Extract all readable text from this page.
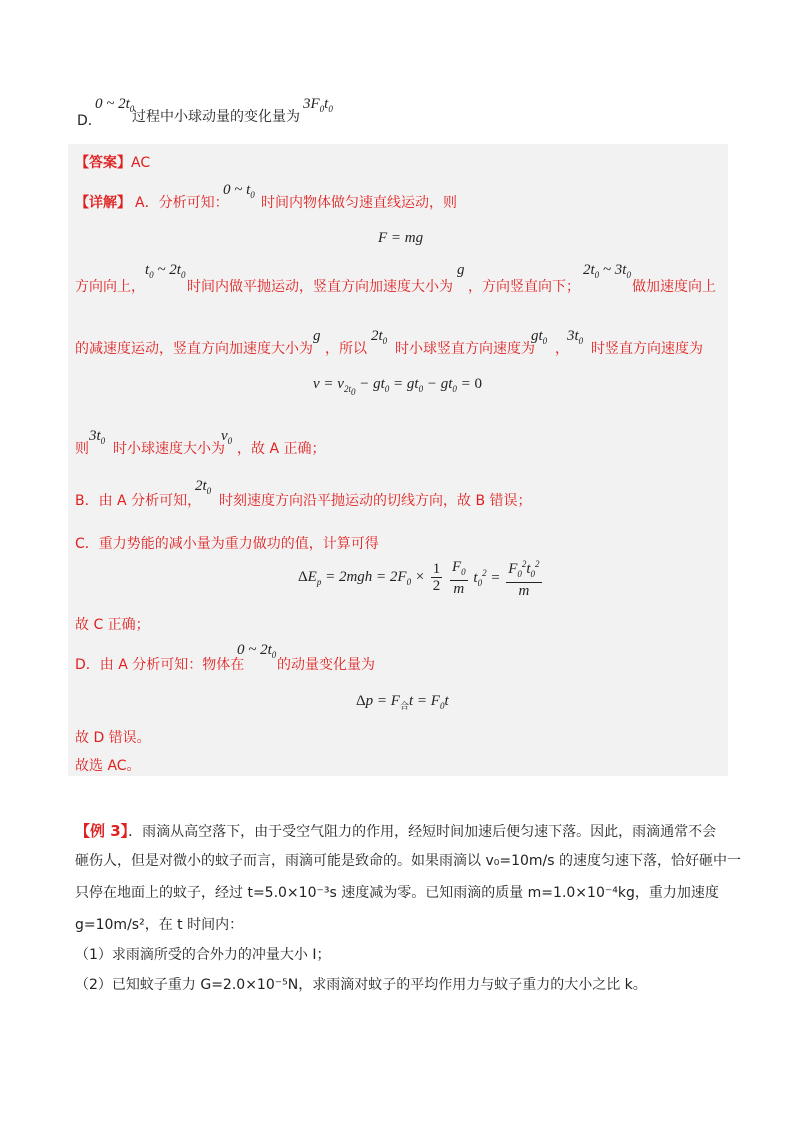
D．
0 ~ $2t_0$
过程中小球动量的变化量为
$3F_0t_0$
【答案】AC
【详解】 A．分析可知：
0 ~ $t_0$ 时间内物体做匀速直线运动，则
F = mg
方向向上，
$t_0$ ~ $2t_0$
时间内做平抛运动，竖直方向加速度大小为
g
，方向竖直向下；
$2t_0$ ~ $3t_0$
做加速度向上
的减速度运动，竖直方向加速度大小为
g
，所以
$2t_0$ 时小球竖直方向速度为
$gt_0$ ，
$3t_0$ 时竖直方向速度为
$v = v_{2t_0} - gt_0 = gt_0 - gt_0 = 0$
则
$3t_0$ 时小球速度大小为
$v_0$ ，故 A 正确；
B．由 A 分析可知，
$2t_0$
时刻速度方向沿平抛运动的切线方向，故 B 错误；
C．重力势能的减小量为重力做功的值，计算可得
$\Delta E_p = 2mgh = 2F_0 \times \frac{1}{2}$
$\frac{F_0}{m} t_0^2 = \frac{F_0^2t_0^2}{m}$
故 C 正确；
D．由 A 分析可知：物体在
0 ~ $2t_0$
的动量变化量为
$\Delta p = F_合t = F_0t$
故 D 错误。
故选 AC。
【例 3】．雨滴从高空落下，由于受空气阻力的作用，经短时间加速后便匀速下落。因此，雨滴通常不会
砸伤人，但是对微小的蚊子而言，雨滴可能是致命的。如果雨滴以 v₀=10m/s 的速度匀速下落，恰好砸中一
只停在地面上的蚊子，经过 t=5.0×10⁻³s 速度减为零。已知雨滴的质量 m=1.0×10⁻⁴kg，重力加速度
g=10m/s²，在 t 时间内：
（1）求雨滴所受的合外力的冲量大小 I；
（2）已知蚊子重力 G=2.0×10⁻⁵N，求雨滴对蚊子的平均作用力与蚊子重力的大小之比 k。
